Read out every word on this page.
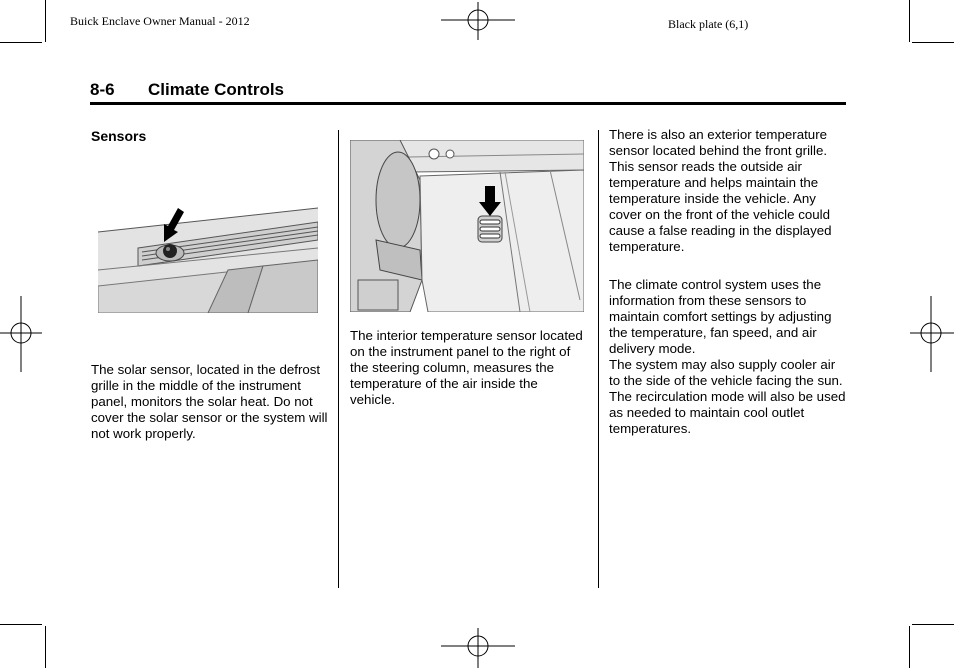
Buick Enclave Owner Manual - 2012	Black plate (6,1)
8-6 Climate Controls
Sensors

The solar sensor, located in the defrost grille in the middle of the instrument panel, monitors the solar heat. Do not cover the solar sensor or the system will not work properly.

The interior temperature sensor located on the instrument panel to the right of the steering column, measures the temperature of the air inside the vehicle.

There is also an exterior temperature sensor located behind the front grille. This sensor reads the outside air temperature and helps maintain the temperature inside the vehicle. Any cover on the front of the vehicle could cause a false reading in the displayed temperature.

The climate control system uses the information from these sensors to maintain comfort settings by adjusting the temperature, fan speed, and air delivery mode.

The system may also supply cooler air to the side of the vehicle facing the sun. The recirculation mode will also be used as needed to maintain cool outlet temperatures.
